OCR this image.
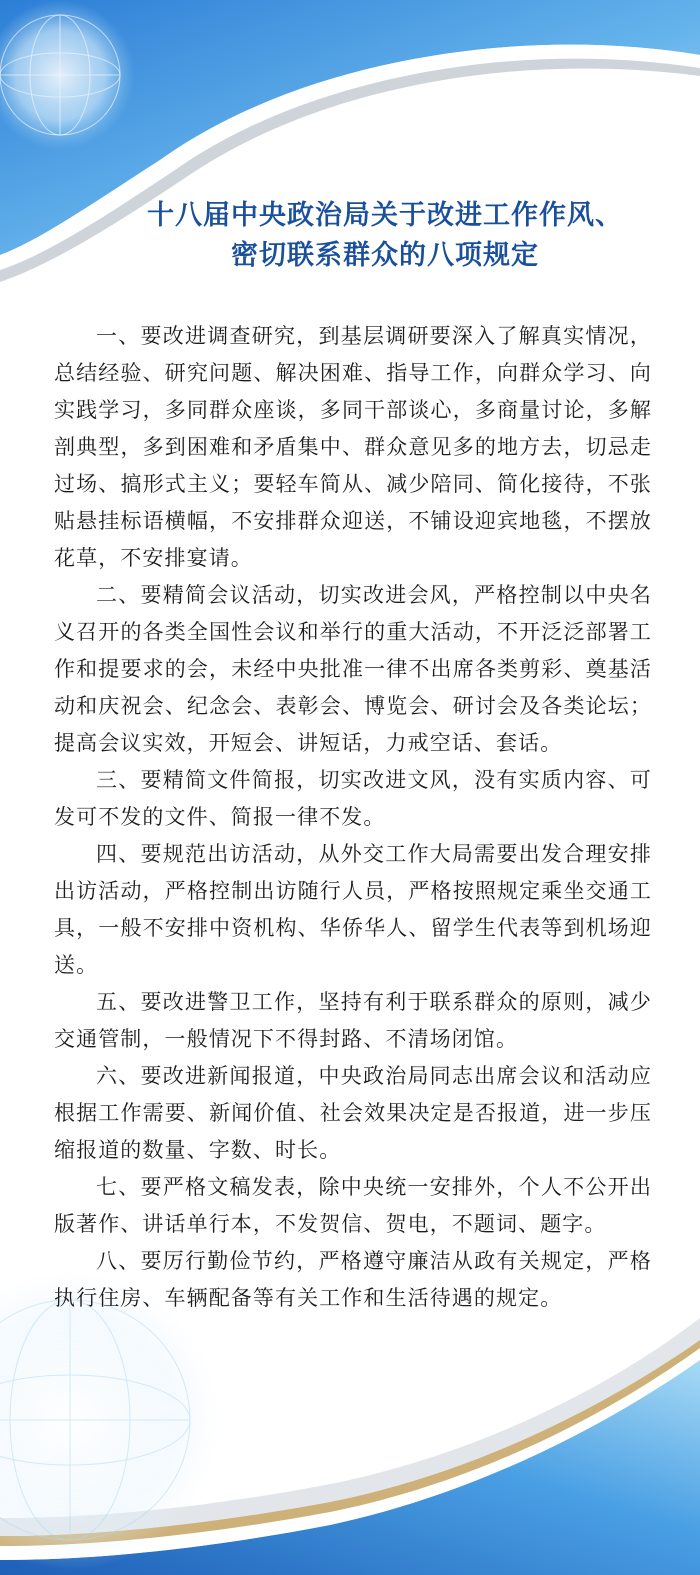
十八届中央政治局关于改进工作作风、
密切联系群众的八项规定

一、要改进调查研究，到基层调研要深入了解真实情况，总结经验、研究问题、解决困难、指导工作，向群众学习、向实践学习，多同群众座谈，多同干部谈心，多商量讨论，多解剖典型，多到困难和矛盾集中、群众意见多的地方去，切忌走过场、搞形式主义；要轻车简从、减少陪同、简化接待，不张贴悬挂标语横幅，不安排群众迎送，不铺设迎宾地毯，不摆放花草，不安排宴请。

二、要精简会议活动，切实改进会风，严格控制以中央名义召开的各类全国性会议和举行的重大活动，不开泛泛部署工作和提要求的会，未经中央批准一律不出席各类剪彩、奠基活动和庆祝会、纪念会、表彰会、博览会、研讨会及各类论坛；提高会议实效，开短会、讲短话，力戒空话、套话。

三、要精简文件简报，切实改进文风，没有实质内容、可发可不发的文件、简报一律不发。

四、要规范出访活动，从外交工作大局需要出发合理安排出访活动，严格控制出访随行人员，严格按照规定乘坐交通工具，一般不安排中资机构、华侨华人、留学生代表等到机场迎送。

五、要改进警卫工作，坚持有利于联系群众的原则，减少交通管制，一般情况下不得封路、不清场闭馆。

六、要改进新闻报道，中央政治局同志出席会议和活动应根据工作需要、新闻价值、社会效果决定是否报道，进一步压缩报道的数量、字数、时长。

七、要严格文稿发表，除中央统一安排外，个人不公开出版著作、讲话单行本，不发贺信、贺电，不题词、题字。

八、要厉行勤俭节约，严格遵守廉洁从政有关规定，严格执行住房、车辆配备等有关工作和生活待遇的规定。
